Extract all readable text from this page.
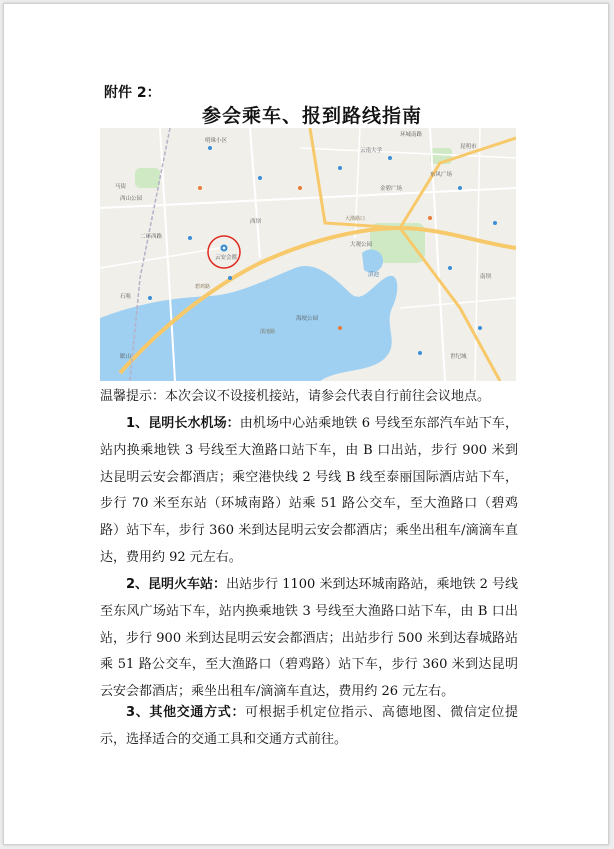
附件 2：
参会乘车、报到路线指南
滇池
大观公园
明珠小区
马街
西山公园
东风广场
云南大学
世纪城
昆明市
南坝
环城南路
大渔路口
二环西路
金碧广场
西坝
石咀
眠山
海埂公园
碧鸡路
滇池路
云安会都
温馨提示：本次会议不设接机接站，请参会代表自行前往会议地点。
1、昆明长水机场：由机场中心站乘地铁 6 号线至东部汽车站下车，站内换乘地铁 3 号线至大渔路口站下车，由 B 口出站，步行 900 米到达昆明云安会都酒店；乘空港快线 2 号线 B 线至泰丽国际酒店站下车，步行 70 米至东站（环城南路）站乘 51 路公交车，至大渔路口（碧鸡路）站下车，步行 360 米到达昆明云安会都酒店；乘坐出租车/滴滴车直达，费用约 92 元左右。
2、昆明火车站：出站步行 1100 米到达环城南路站，乘地铁 2 号线至东风广场站下车，站内换乘地铁 3 号线至大渔路口站下车，由 B 口出站，步行 900 米到达昆明云安会都酒店；出站步行 500 米到达春城路站乘 51 路公交车，至大渔路口（碧鸡路）站下车，步行 360 米到达昆明云安会都酒店；乘坐出租车/滴滴车直达，费用约 26 元左右。
3、其他交通方式：可根据手机定位指示、高德地图、微信定位提示，选择适合的交通工具和交通方式前往。
